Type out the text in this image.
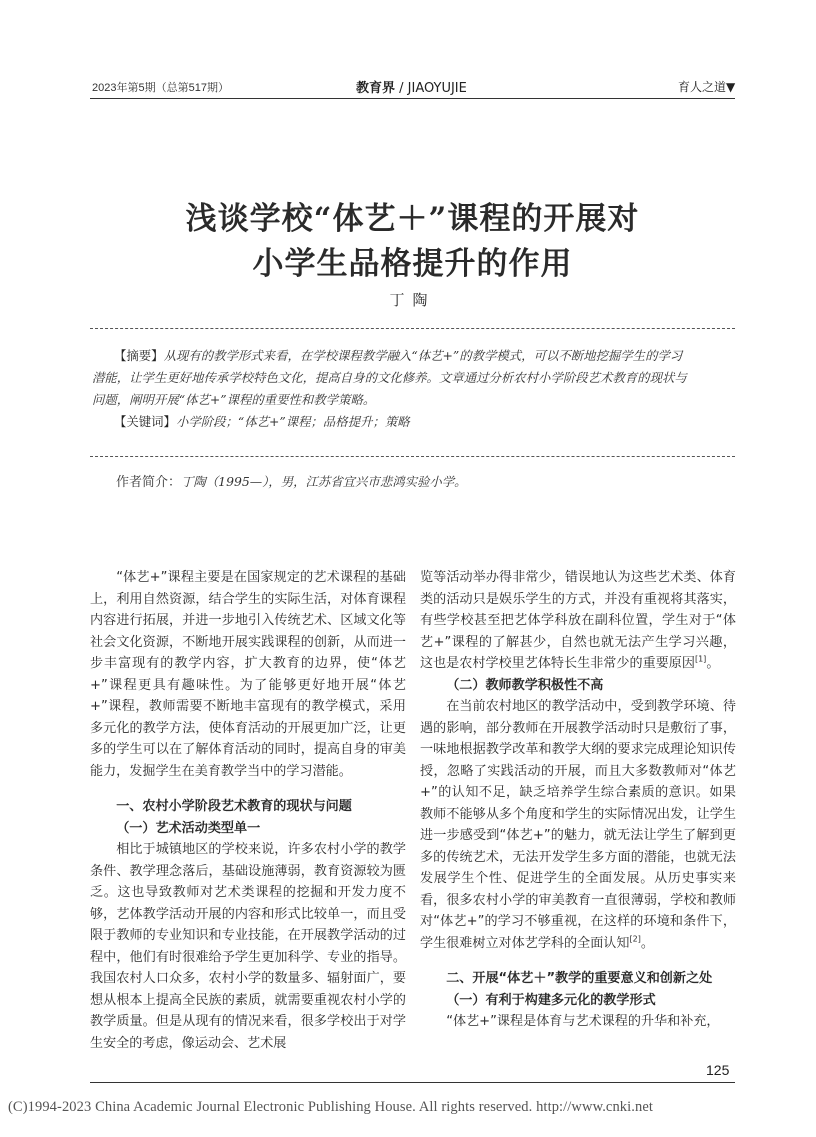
2023年第5期（总第517期）	教育界 / JIAOYUJIE	育人之道▼
浅谈学校“体艺＋”课程的开展对
小学生品格提升的作用
丁陶
【摘要】从现有的教学形式来看，在学校课程教学融入“体艺+”的教学模式，可以不断地挖掘学生的学习
潜能，让学生更好地传承学校特色文化，提高自身的文化修养。文章通过分析农村小学阶段艺术教育的现状与
问题，阐明开展“体艺+”课程的重要性和教学策略。
【关键词】小学阶段；“体艺+”课程；品格提升；策略
作者简介：丁陶（1995—），男，江苏省宜兴市悲鸿实验小学。

“体艺+”课程主要是在国家规定的艺术课程的基础上，利用自然资源，结合学生的实际生活，对体育课程内容进行拓展，并进一步地引入传统艺术、区域文化等社会文化资源，不断地开展实践课程的创新，从而进一步丰富现有的教学内容，扩大教育的边界，使“体艺+”课程更具有趣味性。为了能够更好地开展“体艺+”课程，教师需要不断地丰富现有的教学模式，采用多元化的教学方法，使体育活动的开展更加广泛，让更多的学生可以在了解体育活动的同时，提高自身的审美能力，发掘学生在美育教学当中的学习潜能。

一、农村小学阶段艺术教育的现状与问题
（一）艺术活动类型单一

相比于城镇地区的学校来说，许多农村小学的教学条件、教学理念落后，基础设施薄弱，教育资源较为匮乏。这也导致教师对艺术类课程的挖掘和开发力度不够，艺体教学活动开展的内容和形式比较单一，而且受限于教师的专业知识和专业技能，在开展教学活动的过程中，他们有时很难给予学生更加科学、专业的指导。我国农村人口众多，农村小学的数量多、辐射面广，要想从根本上提高全民族的素质，就需要重视农村小学的教学质量。但是从现有的情况来看，很多学校出于对学生安全的考虑，像运动会、艺术展

览等活动举办得非常少，错误地认为这些艺术类、体育类的活动只是娱乐学生的方式，并没有重视将其落实，有些学校甚至把艺体学科放在副科位置，学生对于“体艺+”课程的了解甚少，自然也就无法产生学习兴趣，这也是农村学校里艺体特长生非常少的重要原因[1]。

（二）教师教学积极性不高

在当前农村地区的教学活动中，受到教学环境、待遇的影响，部分教师在开展教学活动时只是敷衍了事，一味地根据教学改革和教学大纲的要求完成理论知识传授，忽略了实践活动的开展，而且大多数教师对“体艺+”的认知不足，缺乏培养学生综合素质的意识。如果教师不能够从多个角度和学生的实际情况出发，让学生进一步感受到“体艺+”的魅力，就无法让学生了解到更多的传统艺术，无法开发学生多方面的潜能，也就无法发展学生个性、促进学生的全面发展。从历史事实来看，很多农村小学的审美教育一直很薄弱，学校和教师对“体艺+”的学习不够重视，在这样的环境和条件下，学生很难树立对体艺学科的全面认知[2]。

二、开展“体艺＋”教学的重要意义和创新之处
（一）有利于构建多元化的教学形式

“体艺+”课程是体育与艺术课程的升华和补充，

125
(C)1994-2023 China Academic Journal Electronic Publishing House. All rights reserved. http://www.cnki.net
